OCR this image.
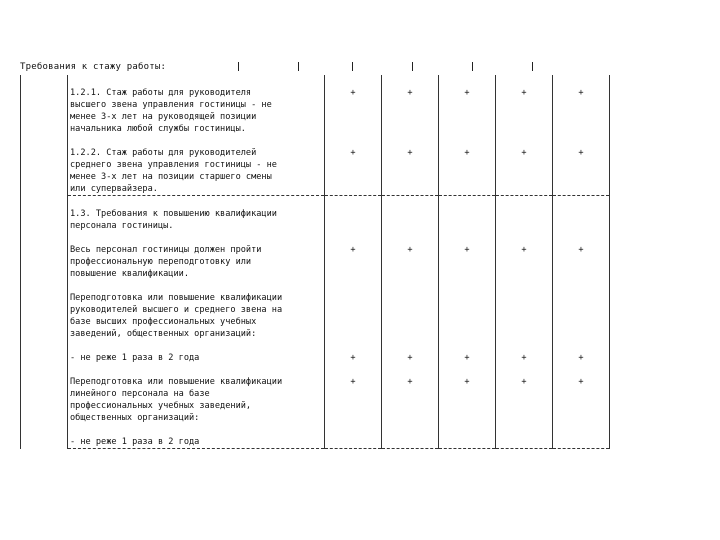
Требования к стажу работы:

	1.2.1. Стаж работы для руководителя
высшего звена управления гостиницы - не
менее 3-х лет на руководящей позиции
начальника любой службы гостиницы.	+	+	+	+	+

	1.2.2. Стаж работы для руководителей
среднего звена управления гостиницы - не
менее 3-х лет на позиции старшего смены
или супервайзера.	+	+	+	+	+

	1.3. Требования к повышению квалификации
персонала гостиницы.					

	Весь персонал гостиницы должен пройти
профессиональную переподготовку или
повышение квалификации.	+	+	+	+	+

	Переподготовка или повышение квалификации
руководителей высшего и среднего звена на
базе высших профессиональных учебных
заведений, общественных организаций:					

	- не реже 1 раза в 2 года	+	+	+	+	+

	Переподготовка или повышение квалификации
линейного персонала на базе
профессиональных учебных заведений,
общественных организаций:	+	+	+	+	+

	- не реже 1 раза в 2 года					
